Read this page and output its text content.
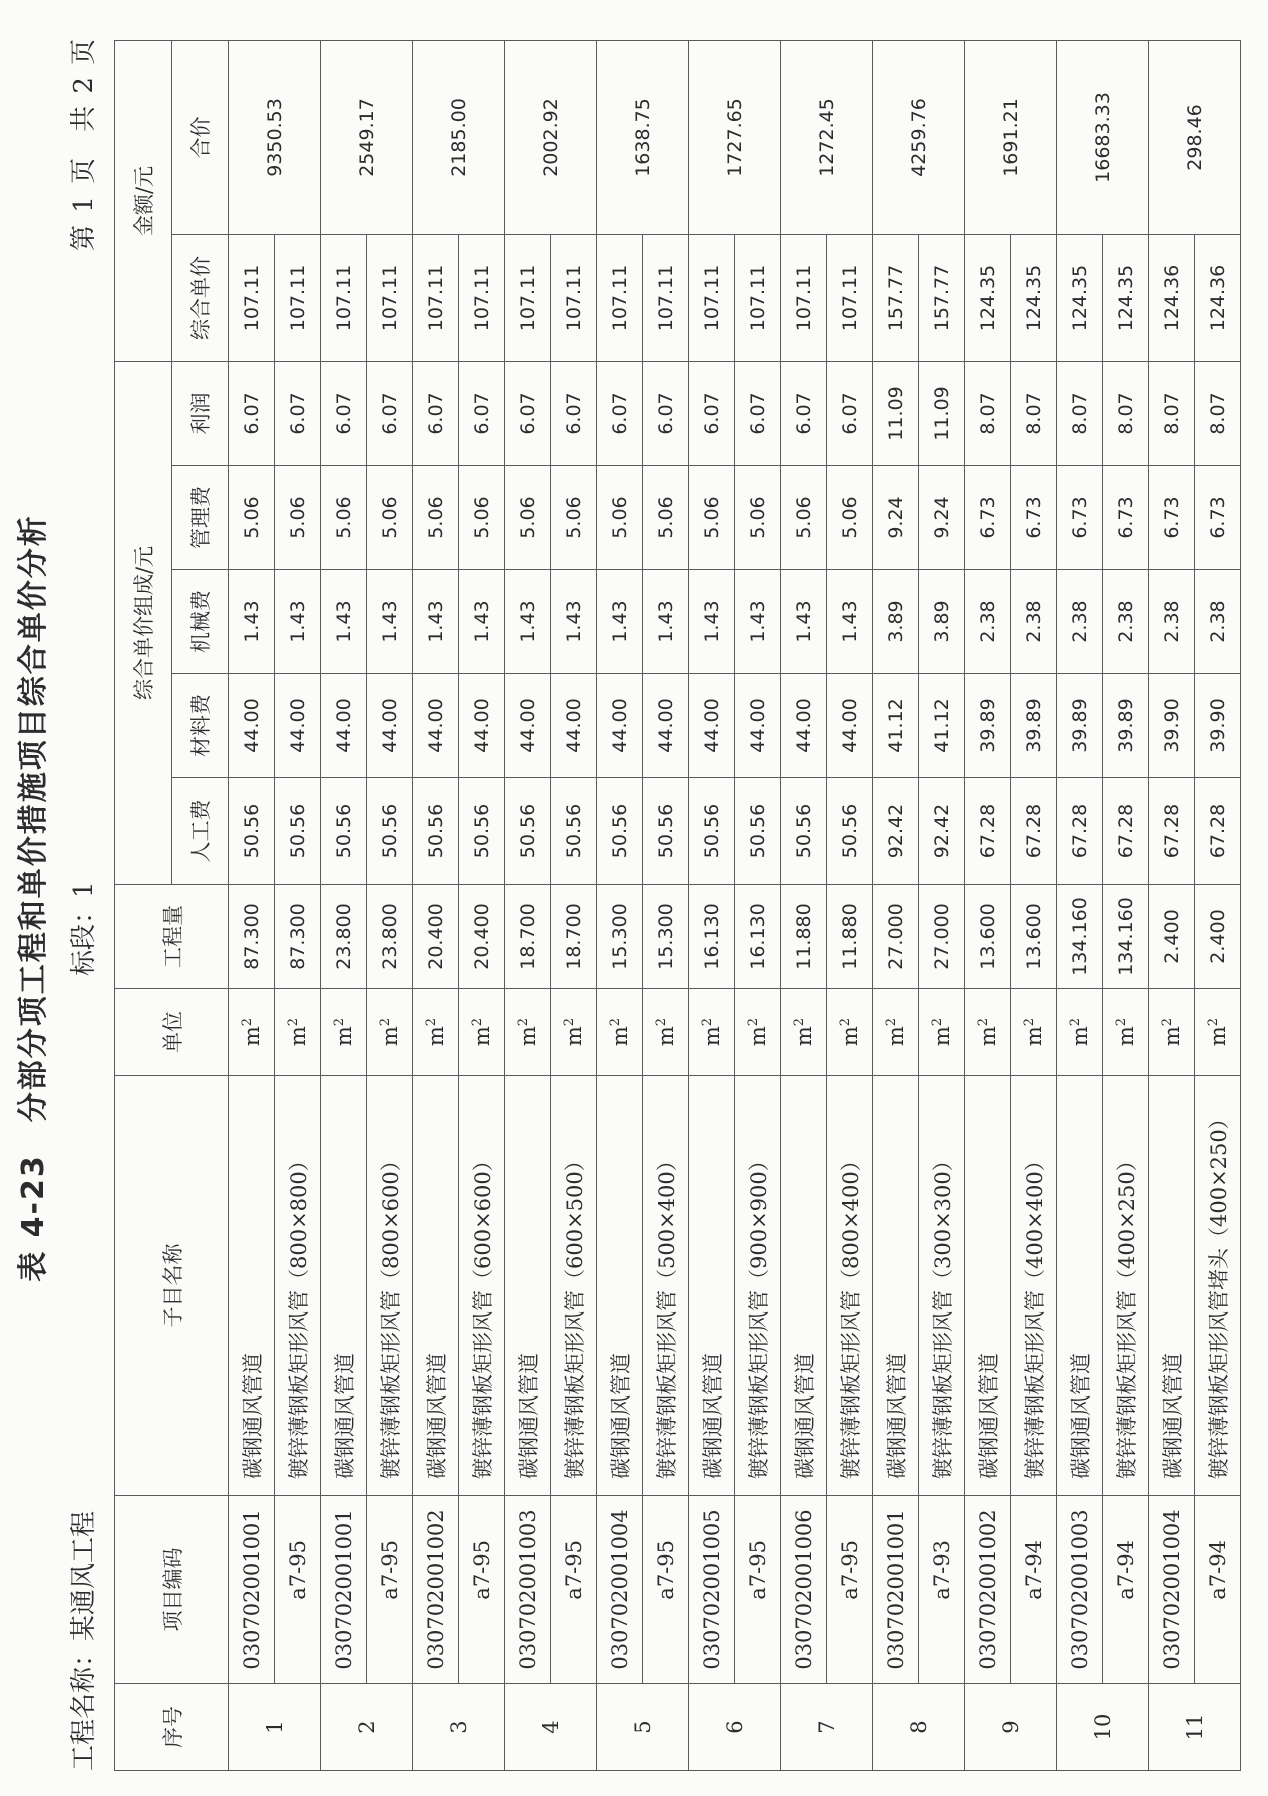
表 4-23　分部分项工程和单价措施项目综合单价分析
工程名称：某通风工程
标段：1
第 1 页　共 2 页
序号	项目编码	子目名称	单位	工程量	综合单价组成/元					金额/元	
					人工费	材料费	机械费	管理费	利润	综合单价	合价
1	030702001001	碳钢通风管道	$m^2$	87.300	50.56	44.00	1.43	5.06	6.07	107.11	9350.53
	a7-95	镀锌薄钢板矩形风管（800×800）	$m^2$	87.300	50.56	44.00	1.43	5.06	6.07	107.11	
2	030702001001	碳钢通风管道	$m^2$	23.800	50.56	44.00	1.43	5.06	6.07	107.11	2549.17
	a7-95	镀锌薄钢板矩形风管（800×600）	$m^2$	23.800	50.56	44.00	1.43	5.06	6.07	107.11	
3	030702001002	碳钢通风管道	$m^2$	20.400	50.56	44.00	1.43	5.06	6.07	107.11	2185.00
	a7-95	镀锌薄钢板矩形风管（600×600）	$m^2$	20.400	50.56	44.00	1.43	5.06	6.07	107.11	
4	030702001003	碳钢通风管道	$m^2$	18.700	50.56	44.00	1.43	5.06	6.07	107.11	2002.92
	a7-95	镀锌薄钢板矩形风管（600×500）	$m^2$	18.700	50.56	44.00	1.43	5.06	6.07	107.11	
5	030702001004	碳钢通风管道	$m^2$	15.300	50.56	44.00	1.43	5.06	6.07	107.11	1638.75
	a7-95	镀锌薄钢板矩形风管（500×400）	$m^2$	15.300	50.56	44.00	1.43	5.06	6.07	107.11	
6	030702001005	碳钢通风管道	$m^2$	16.130	50.56	44.00	1.43	5.06	6.07	107.11	1727.65
	a7-95	镀锌薄钢板矩形风管（900×900）	$m^2$	16.130	50.56	44.00	1.43	5.06	6.07	107.11	
7	030702001006	碳钢通风管道	$m^2$	11.880	50.56	44.00	1.43	5.06	6.07	107.11	1272.45
	a7-95	镀锌薄钢板矩形风管（800×400）	$m^2$	11.880	50.56	44.00	1.43	5.06	6.07	107.11	
8	030702001001	碳钢通风管道	$m^2$	27.000	92.42	41.12	3.89	9.24	11.09	157.77	4259.76
	a7-93	镀锌薄钢板矩形风管（300×300）	$m^2$	27.000	92.42	41.12	3.89	9.24	11.09	157.77	
9	030702001002	碳钢通风管道	$m^2$	13.600	67.28	39.89	2.38	6.73	8.07	124.35	1691.21
	a7-94	镀锌薄钢板矩形风管（400×400）	$m^2$	13.600	67.28	39.89	2.38	6.73	8.07	124.35	
10	030702001003	碳钢通风管道	$m^2$	134.160	67.28	39.89	2.38	6.73	8.07	124.35	16683.33
	a7-94	镀锌薄钢板矩形风管（400×250）	$m^2$	134.160	67.28	39.89	2.38	6.73	8.07	124.35	
11	030702001004	碳钢通风管道	$m^2$	2.400	67.28	39.90	2.38	6.73	8.07	124.36	298.46
	a7-94	镀锌薄钢板矩形风管堵头（400×250）	$m^2$	2.400	67.28	39.90	2.38	6.73	8.07	124.36	
